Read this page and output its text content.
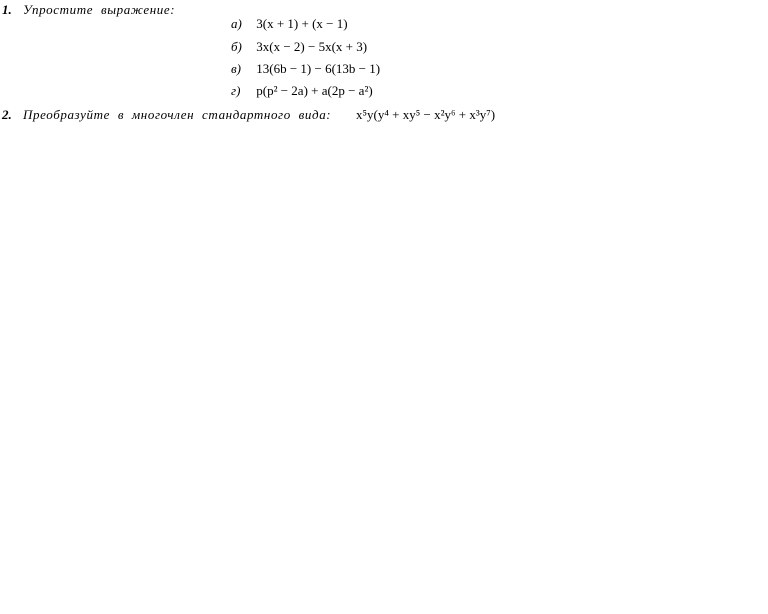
1. Упростите выражение:
а) 3(x + 1) + (x − 1)
б) 3x(x − 2) − 5x(x + 3)
в) 13(6b − 1) − 6(13b − 1)
г) p(p² − 2a) + a(2p − a²)
2. Преобразуйте в многочлен стандартного вида: x⁵y(y⁴ + xy⁵ − x²y⁶ + x³y⁷)
